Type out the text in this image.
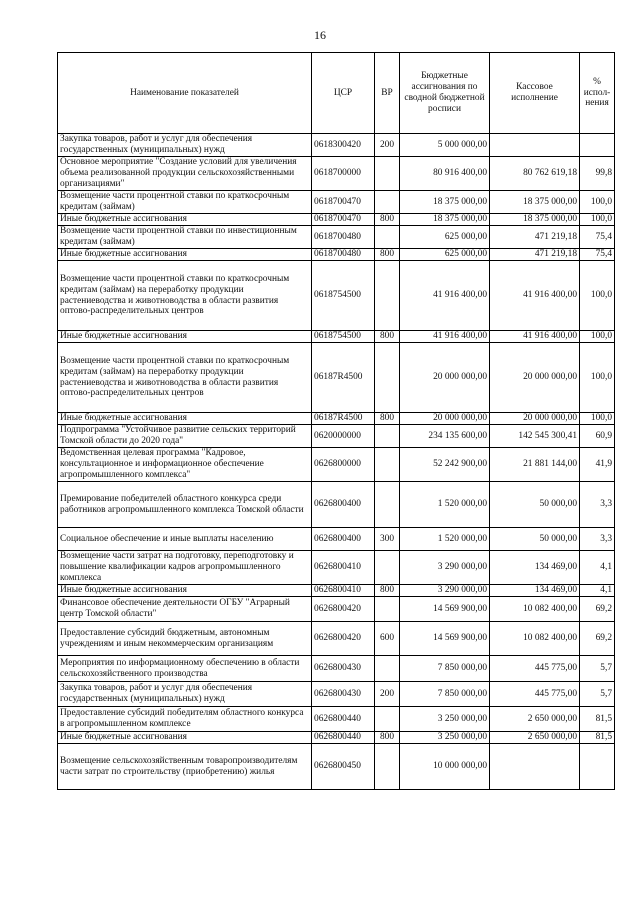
16
Наименование показателей	ЦСР	ВР	Бюджетные ассигнования по сводной бюджетной росписи	Кассовое исполнение	% испол-нения
Закупка товаров, работ и услуг для обеспечения государственных (муниципальных) нужд	0618300420	200	5 000 000,00		
Основное мероприятие "Создание условий для увеличения объема реализованной продукции сельскохозяйственными организациями"	0618700000		80 916 400,00	80 762 619,18	99,8
Возмещение части процентной ставки по краткосрочным кредитам (займам)	0618700470		18 375 000,00	18 375 000,00	100,0
Иные бюджетные ассигнования	0618700470	800	18 375 000,00	18 375 000,00	100,0
Возмещение части процентной ставки по инвестиционным кредитам (займам)	0618700480		625 000,00	471 219,18	75,4
Иные бюджетные ассигнования	0618700480	800	625 000,00	471 219,18	75,4
Возмещение части процентной ставки по краткосрочным кредитам (займам) на переработку продукции растениеводства и животноводства в области развития оптово-распределительных центров	0618754500		41 916 400,00	41 916 400,00	100,0
Иные бюджетные ассигнования	0618754500	800	41 916 400,00	41 916 400,00	100,0
Возмещение части процентной ставки по краткосрочным кредитам (займам) на переработку продукции растениеводства и животноводства в области развития оптово-распределительных центров	06187R4500		20 000 000,00	20 000 000,00	100,0
Иные бюджетные ассигнования	06187R4500	800	20 000 000,00	20 000 000,00	100,0
Подпрограмма "Устойчивое развитие сельских территорий Томской области до 2020 года"	0620000000		234 135 600,00	142 545 300,41	60,9
Ведомственная целевая программа "Кадровое, консультационное и информационное обеспечение агропромышленного комплекса"	0626800000		52 242 900,00	21 881 144,00	41,9
Премирование победителей областного конкурса среди работников агропромышленного комплекса Томской области	0626800400		1 520 000,00	50 000,00	3,3
Социальное обеспечение и иные выплаты населению	0626800400	300	1 520 000,00	50 000,00	3,3
Возмещение части затрат на подготовку, переподготовку и повышение квалификации кадров агропромышленного комплекса	0626800410		3 290 000,00	134 469,00	4,1
Иные бюджетные ассигнования	0626800410	800	3 290 000,00	134 469,00	4,1
Финансовое обеспечение деятельности ОГБУ "Аграрный центр Томской области"	0626800420		14 569 900,00	10 082 400,00	69,2
Предоставление субсидий бюджетным, автономным учреждениям и иным некоммерческим организациям	0626800420	600	14 569 900,00	10 082 400,00	69,2
Мероприятия по информационному обеспечению в области сельскохозяйственного производства	0626800430		7 850 000,00	445 775,00	5,7
Закупка товаров, работ и услуг для обеспечения государственных (муниципальных) нужд	0626800430	200	7 850 000,00	445 775,00	5,7
Предоставление субсидий победителям областного конкурса в агропромышленном комплексе	0626800440		3 250 000,00	2 650 000,00	81,5
Иные бюджетные ассигнования	0626800440	800	3 250 000,00	2 650 000,00	81,5
Возмещение сельскохозяйственным товаропроизводителям части затрат по строительству (приобретению) жилья	0626800450		10 000 000,00		
